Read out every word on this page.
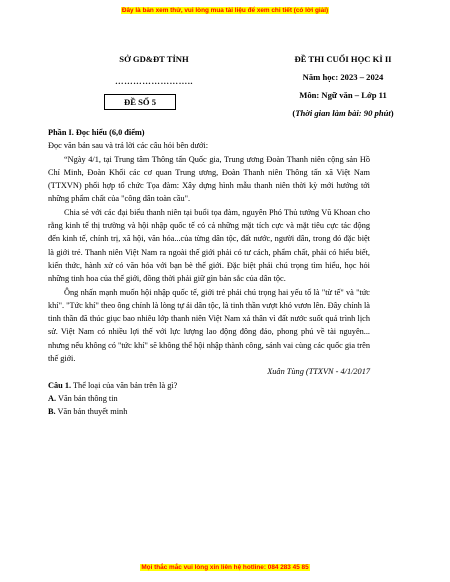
Đây là bản xem thử, vui lòng mua tài liệu để xem chi tiết (có lời giải)
SỞ GD&ĐT TỈNH
……………………..
ĐỀ SỐ 5
ĐỀ THI CUỐI HỌC KÌ II
Năm học: 2023 – 2024
Môn: Ngữ văn – Lớp 11
(Thời gian làm bài: 90 phút)

Phần I. Đọc hiểu (6,0 điểm)

Đọc văn bản sau và trả lời các câu hỏi bên dưới:

“Ngày 4/1, tại Trung tâm Thông tấn Quốc gia, Trung ương Đoàn Thanh niên cộng sản Hồ Chí Minh, Đoàn Khối các cơ quan Trung ương, Đoàn Thanh niên Thông tấn xã Việt Nam (TTXVN) phối hợp tổ chức Tọa đàm: Xây dựng hình mẫu thanh niên thời kỳ mới hướng tới những phẩm chất của "công dân toàn cầu".

Chia sẻ với các đại biểu thanh niên tại buổi tọa đàm, nguyên Phó Thủ tướng Vũ Khoan cho rằng kinh tế thị trường và hội nhập quốc tế có cả những mặt tích cực và mặt tiêu cực tác động đến kinh tế, chính trị, xã hội, văn hóa...của từng dân tộc, đất nước, người dân, trong đó đặc biệt là giới trẻ. Thanh niên Việt Nam ra ngoài thế giới phải có tư cách, phẩm chất, phải có hiểu biết, kiến thức, hành xử có văn hóa với bạn bè thế giới. Đặc biệt phải chú trọng tìm hiểu, học hỏi những tinh hoa của thế giới, đồng thời phải giữ gìn bản sắc của dân tộc.

Ông nhấn mạnh muốn hội nhập quốc tế, giới trẻ phải chú trọng hai yếu tố là "từ tế" và "tức khí". "Tức khí" theo ông chính là lòng tự ái dân tộc, là tinh thần vượt khó vươn lên. Đây chính là tinh thần đã thúc giục bao nhiêu lớp thanh niên Việt Nam xả thân vì đất nước suốt quá trình lịch sử. Việt Nam có nhiều lợi thế với lực lượng lao động đông đảo, phong phú về tài nguyên... nhưng nếu không có "tức khí" sẽ không thể hội nhập thành công, sánh vai cùng các quốc gia trên thế giới.

Xuân Tùng (TTXVN - 4/1/2017

Câu 1. Thể loại của văn bản trên là gì?

A. Văn bản thông tin

B. Văn bản thuyết minh

Mọi thắc mắc vui lòng xin liên hệ hotline: 084 283 45 85
